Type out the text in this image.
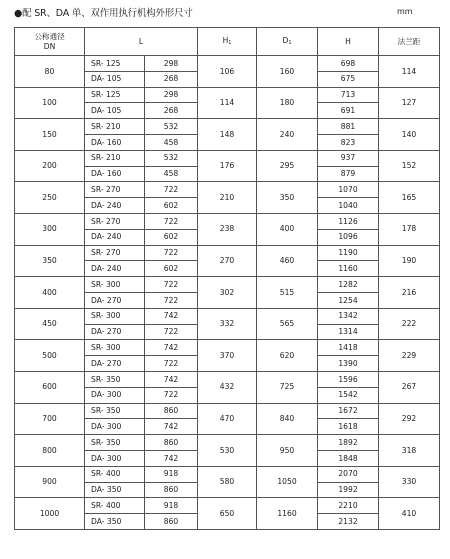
●配 SR、DA 单、双作用执行机构外形尺寸	mm
公称通径
DN	L		$H_1$	$D_1$	H	法兰距
80	SR- 125	298	106	160	698	114
	DA- 105	268			675	
100	SR- 125	298	114	180	713	127
	DA- 105	268			691	
150	SR- 210	532	148	240	881	140
	DA- 160	458			823	
200	SR- 210	532	176	295	937	152
	DA- 160	458			879	
250	SR- 270	722	210	350	1070	165
	DA- 240	602			1040	
300	SR- 270	722	238	400	1126	178
	DA- 240	602			1096	
350	SR- 270	722	270	460	1190	190
	DA- 240	602			1160	
400	SR- 300	722	302	515	1282	216
	DA- 270	722			1254	
450	SR- 300	742	332	565	1342	222
	DA- 270	722			1314	
500	SR- 300	742	370	620	1418	229
	DA- 270	722			1390	
600	SR- 350	742	432	725	1596	267
	DA- 300	722			1542	
700	SR- 350	860	470	840	1672	292
	DA- 300	742			1618	
800	SR- 350	860	530	950	1892	318
	DA- 300	742			1848	
900	SR- 400	918	580	1050	2070	330
	DA- 350	860			1992	
1000	SR- 400	918	650	1160	2210	410
	DA- 350	860			2132	
